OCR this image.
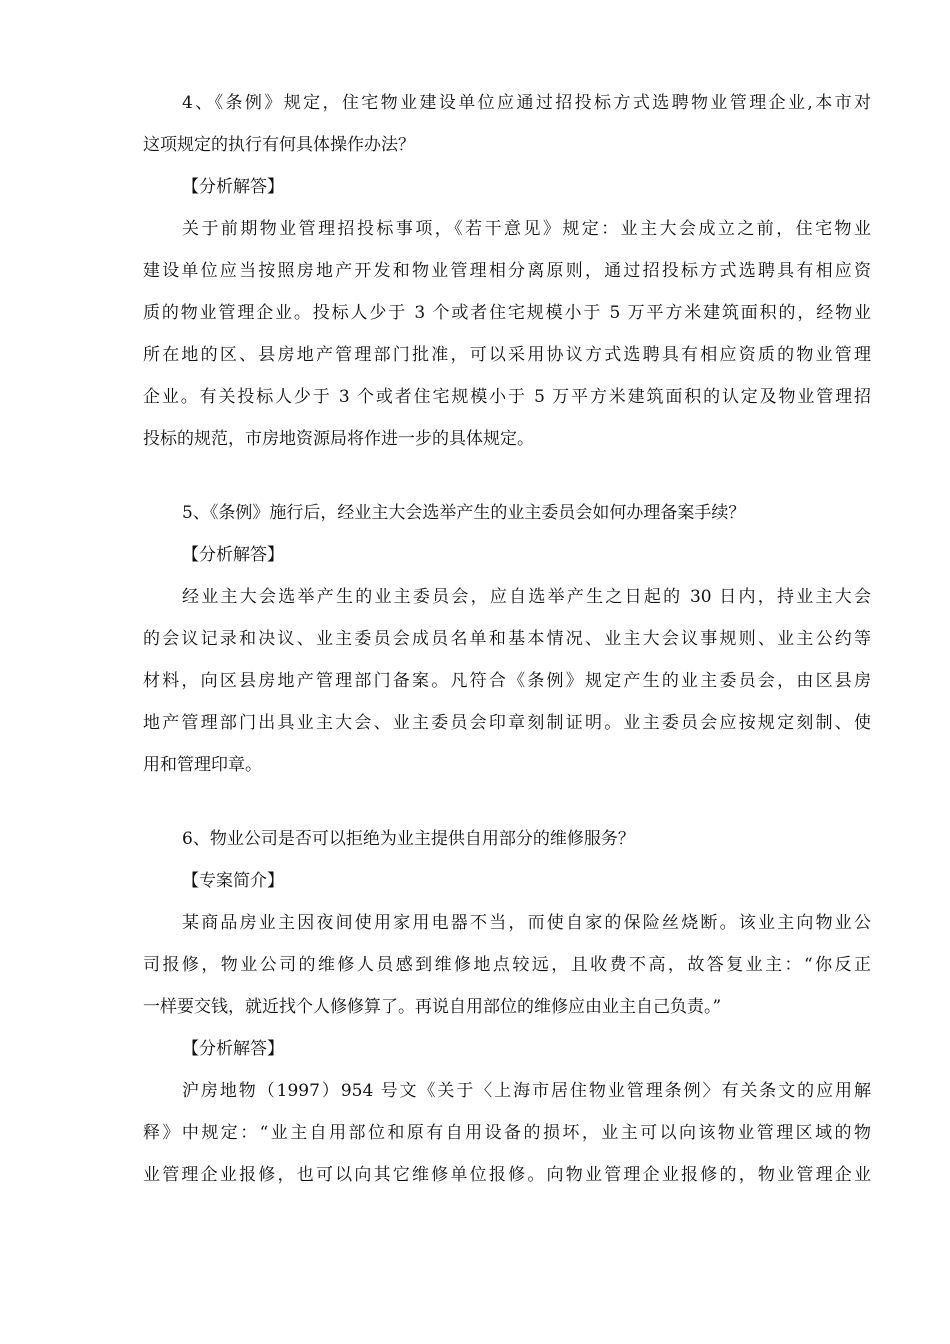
4、《条例》规定，住宅物业建设单位应通过招投标方式选聘物业管理企业,本市对
这项规定的执行有何具体操作办法？
【分析解答】
关于前期物业管理招投标事项，《若干意见》规定：业主大会成立之前，住宅物业
建设单位应当按照房地产开发和物业管理相分离原则，通过招投标方式选聘具有相应资
质的物业管理企业。投标人少于 3 个或者住宅规模小于 5 万平方米建筑面积的，经物业
所在地的区、县房地产管理部门批准，可以采用协议方式选聘具有相应资质的物业管理
企业。有关投标人少于 3 个或者住宅规模小于 5 万平方米建筑面积的认定及物业管理招
投标的规范，市房地资源局将作进一步的具体规定。
5、《条例》施行后，经业主大会选举产生的业主委员会如何办理备案手续？
【分析解答】
经业主大会选举产生的业主委员会，应自选举产生之日起的 30 日内，持业主大会
的会议记录和决议、业主委员会成员名单和基本情况、业主大会议事规则、业主公约等
材料，向区县房地产管理部门备案。凡符合《条例》规定产生的业主委员会，由区县房
地产管理部门出具业主大会、业主委员会印章刻制证明。业主委员会应按规定刻制、使
用和管理印章。
6、物业公司是否可以拒绝为业主提供自用部分的维修服务？
【专案简介】
某商品房业主因夜间使用家用电器不当，而使自家的保险丝烧断。该业主向物业公
司报修，物业公司的维修人员感到维修地点较远，且收费不高，故答复业主：“你反正
一样要交钱，就近找个人修修算了。再说自用部位的维修应由业主自己负责。”
【分析解答】
沪房地物（1997）954 号文《关于〈上海市居住物业管理条例〉有关条文的应用解
释》中规定：“业主自用部位和原有自用设备的损坏，业主可以向该物业管理区域的物
业管理企业报修，也可以向其它维修单位报修。向物业管理企业报修的，物业管理企业
